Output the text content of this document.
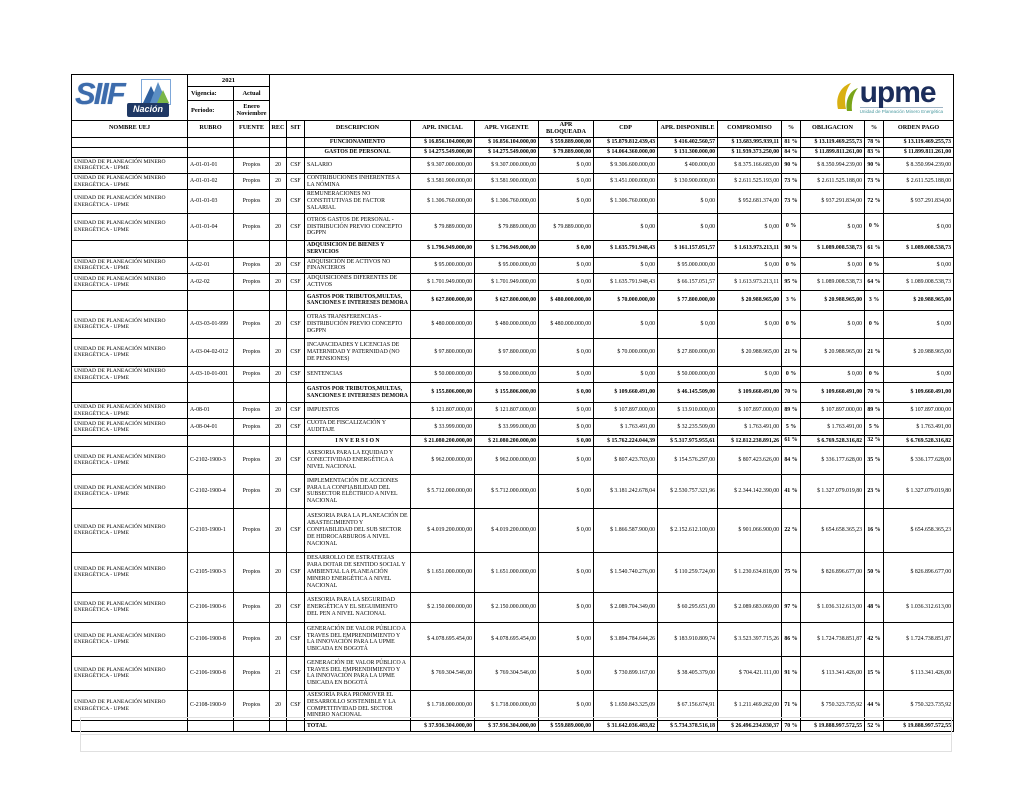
SIIF Nación	2021		upme
Unidad de Planeación Minero Energética												

	Vigencia:	Actual													
	Periodo:	Enero Noviembre													
NOMBRE UEJ	RUBRO	FUENTE	REC	SIT	DESCRIPCION	APR. INICIAL	APR. VIGENTE	APR BLOQUEADA	CDP	APR. DISPONIBLE	COMPROMISO	%	OBLIGACION	%	ORDEN PAGO
					FUNCIONAMIENTO	$ 16.856.104.000,00	$ 16.856.104.000,00	$ 559.889.000,00	$ 15.879.812.439,43	$ 416.402.560,57	$ 13.683.995.939,11	81 %	$ 13.119.469.255,73	78 %	$ 13.119.469.255,73
					GASTOS DE PERSONAL	$ 14.275.549.000,00	$ 14.275.549.000,00	$ 79.889.000,00	$ 14.064.360.000,00	$ 131.300.000,00	$ 11.939.373.250,00	84 %	$ 11.899.811.261,00	83 %	$ 11.899.811.261,00
UNIDAD DE PLANEACIÓN MINERO ENERGÉTICA - UPME	A-01-01-01	Propios	20	CSF	SALARIO	$ 9.307.000.000,00	$ 9.307.000.000,00	$ 0,00	$ 9.306.600.000,00	$ 400.000,00	$ 8.375.166.683,00	90 %	$ 8.350.994.239,00	90 %	$ 8.350.994.239,00
UNIDAD DE PLANEACIÓN MINERO ENERGÉTICA - UPME	A-01-01-02	Propios	20	CSF	CONTRIBUCIONES INHERENTES A LA NÓMINA	$ 3.581.900.000,00	$ 3.581.900.000,00	$ 0,00	$ 3.451.000.000,00	$ 130.900.000,00	$ 2.611.525.193,00	73 %	$ 2.611.525.188,00	73 %	$ 2.611.525.188,00
UNIDAD DE PLANEACIÓN MINERO ENERGÉTICA - UPME	A-01-01-03	Propios	20	CSF	REMUNERACIONES NO CONSTITUTIVAS DE FACTOR SALARIAL	$ 1.306.760.000,00	$ 1.306.760.000,00	$ 0,00	$ 1.306.760.000,00	$ 0,00	$ 952.681.374,00	73 %	$ 937.291.834,00	72 %	$ 937.291.834,00
UNIDAD DE PLANEACIÓN MINERO ENERGÉTICA - UPME	A-01-01-04	Propios	20	CSF	OTROS GASTOS DE PERSONAL - DISTRIBUCIÓN PREVIO CONCEPTO DGPPN	$ 79.889.000,00	$ 79.889.000,00	$ 79.889.000,00	$ 0,00	$ 0,00	$ 0,00	0 %	$ 0,00	0 %	$ 0,00
					ADQUISICION DE BIENES Y SERVICIOS	$ 1.796.949.000,00	$ 1.796.949.000,00	$ 0,00	$ 1.635.791.948,43	$ 161.157.051,57	$ 1.613.973.213,11	90 %	$ 1.089.008.538,73	61 %	$ 1.089.008.538,73
UNIDAD DE PLANEACIÓN MINERO ENERGÉTICA - UPME	A-02-01	Propios	20	CSF	ADQUISICIÓN DE ACTIVOS NO FINANCIEROS	$ 95.000.000,00	$ 95.000.000,00	$ 0,00	$ 0,00	$ 95.000.000,00	$ 0,00	0 %	$ 0,00	0 %	$ 0,00
UNIDAD DE PLANEACIÓN MINERO ENERGÉTICA - UPME	A-02-02	Propios	20	CSF	ADQUISICIONES DIFERENTES DE ACTIVOS	$ 1.701.949.000,00	$ 1.701.949.000,00	$ 0,00	$ 1.635.791.948,43	$ 66.157.051,57	$ 1.613.973.213,11	95 %	$ 1.089.008.538,73	64 %	$ 1.089.008.538,73
					GASTOS POR TRIBUTOS,MULTAS, SANCIONES E INTERESES DEMORA	$ 627.800.000,00	$ 627.800.000,00	$ 480.000.000,00	$ 70.000.000,00	$ 77.800.000,00	$ 20.988.965,00	3 %	$ 20.988.965,00	3 %	$ 20.988.965,00
UNIDAD DE PLANEACIÓN MINERO ENERGÉTICA - UPME	A-03-03-01-999	Propios	20	CSF	OTRAS TRANSFERENCIAS - DISTRIBUCIÓN PREVIO CONCEPTO DGPPN	$ 480.000.000,00	$ 480.000.000,00	$ 480.000.000,00	$ 0,00	$ 0,00	$ 0,00	0 %	$ 0,00	0 %	$ 0,00
UNIDAD DE PLANEACIÓN MINERO ENERGÉTICA - UPME	A-03-04-02-012	Propios	20	CSF	INCAPACIDADES Y LICENCIAS DE MATERNIDAD Y PATERNIDAD (NO DE PENSIONES)	$ 97.800.000,00	$ 97.800.000,00	$ 0,00	$ 70.000.000,00	$ 27.800.000,00	$ 20.988.965,00	21 %	$ 20.988.965,00	21 %	$ 20.988.965,00
UNIDAD DE PLANEACIÓN MINERO ENERGÉTICA - UPME	A-03-10-01-001	Propios	20	CSF	SENTENCIAS	$ 50.000.000,00	$ 50.000.000,00	$ 0,00	$ 0,00	$ 50.000.000,00	$ 0,00	0 %	$ 0,00	0 %	$ 0,00
					GASTOS POR TRIBUTOS,MULTAS, SANCIONES E INTERESES DEMORA	$ 155.806.000,00	$ 155.806.000,00	$ 0,00	$ 109.660.491,00	$ 46.145.509,00	$ 109.660.491,00	70 %	$ 109.660.491,00	70 %	$ 109.660.491,00
UNIDAD DE PLANEACIÓN MINERO ENERGÉTICA - UPME	A-08-01	Propios	20	CSF	IMPUESTOS	$ 121.807.000,00	$ 121.807.000,00	$ 0,00	$ 107.897.000,00	$ 13.910.000,00	$ 107.897.000,00	89 %	$ 107.897.000,00	89 %	$ 107.897.000,00
UNIDAD DE PLANEACIÓN MINERO ENERGÉTICA - UPME	A-08-04-01	Propios	20	CSF	CUOTA DE FISCALIZACIÓN Y AUDITAJE	$ 33.999.000,00	$ 33.999.000,00	$ 0,00	$ 1.763.491,00	$ 32.235.509,00	$ 1.763.491,00	5 %	$ 1.763.491,00	5 %	$ 1.763.491,00
					I N V E R S I O N	$ 21.080.200.000,00	$ 21.080.200.000,00	$ 0,00	$ 15.762.224.044,39	$ 5.317.975.955,61	$ 12.812.238.891,26	61 %	$ 6.769.528.316,82	32 %	$ 6.769.528.316,82
UNIDAD DE PLANEACIÓN MINERO ENERGÉTICA - UPME	C-2102-1900-3	Propios	20	CSF	ASESORIA PARA LA EQUIDAD Y CONECTIVIDAD ENERGÉTICA A NIVEL NACIONAL	$ 962.000.000,00	$ 962.000.000,00	$ 0,00	$ 807.423.703,00	$ 154.576.297,00	$ 807.423.626,00	84 %	$ 336.177.628,00	35 %	$ 336.177.628,00
UNIDAD DE PLANEACIÓN MINERO ENERGÉTICA - UPME	C-2102-1900-4	Propios	20	CSF	IMPLEMENTACIÓN DE ACCIONES PARA LA CONFIABILIDAD DEL SUBSECTOR ELÉCTRICO A NIVEL NACIONAL	$ 5.712.000.000,00	$ 5.712.000.000,00	$ 0,00	$ 3.181.242.678,04	$ 2.530.757.321,96	$ 2.344.142.390,00	41 %	$ 1.327.079.019,80	23 %	$ 1.327.079.019,80
UNIDAD DE PLANEACIÓN MINERO ENERGÉTICA - UPME	C-2103-1900-1	Propios	20	CSF	ASESORIA PARA LA PLANEACIÓN DE ABASTECIMIENTO Y CONFIABILIDAD DEL SUB SECTOR DE HIDROCARBUROS A NIVEL NACIONAL	$ 4.019.200.000,00	$ 4.019.200.000,00	$ 0,00	$ 1.866.587.900,00	$ 2.152.612.100,00	$ 901.066.900,00	22 %	$ 654.658.365,23	16 %	$ 654.658.365,23
UNIDAD DE PLANEACIÓN MINERO ENERGÉTICA - UPME	C-2105-1900-3	Propios	20	CSF	DESARROLLO DE ESTRATEGIAS PARA DOTAR DE SENTIDO SOCIAL Y AMBIENTAL LA PLANEACIÓN MINERO ENERGÉTICA A NIVEL NACIONAL	$ 1.651.000.000,00	$ 1.651.000.000,00	$ 0,00	$ 1.540.740.276,00	$ 110.259.724,00	$ 1.230.634.818,00	75 %	$ 826.896.677,00	50 %	$ 826.896.677,00
UNIDAD DE PLANEACIÓN MINERO ENERGÉTICA - UPME	C-2106-1900-6	Propios	20	CSF	ASESORIA PARA LA SEGURIDAD ENERGÉTICA Y EL SEGUIMIENTO DEL PEN A NIVEL NACIONAL	$ 2.150.000.000,00	$ 2.150.000.000,00	$ 0,00	$ 2.089.704.349,00	$ 60.295.651,00	$ 2.089.683.069,00	97 %	$ 1.036.312.613,00	48 %	$ 1.036.312.613,00
UNIDAD DE PLANEACIÓN MINERO ENERGÉTICA - UPME	C-2106-1900-8	Propios	20	CSF	GENERACIÓN DE VALOR PÚBLICO A TRAVES DEL EMPRENDIMIENTO Y LA INNOVACIÓN PARA LA UPME UBICADA EN BOGOTÁ	$ 4.078.695.454,00	$ 4.078.695.454,00	$ 0,00	$ 3.894.784.644,26	$ 183.910.809,74	$ 3.523.397.715,26	86 %	$ 1.724.738.851,87	42 %	$ 1.724.738.851,87
UNIDAD DE PLANEACIÓN MINERO ENERGÉTICA - UPME	C-2106-1900-8	Propios	21	CSF	GENERACIÓN DE VALOR PÚBLICO A TRAVES DEL EMPRENDIMIENTO Y LA INNOVACIÓN PARA LA UPME UBICADA EN BOGOTÁ	$ 769.304.546,00	$ 769.304.546,00	$ 0,00	$ 730.899.167,00	$ 38.405.379,00	$ 704.421.111,00	91 %	$ 113.341.426,00	15 %	$ 113.341.426,00
UNIDAD DE PLANEACIÓN MINERO ENERGÉTICA - UPME	C-2108-1900-9	Propios	20	CSF	ASESORÍA PARA PROMOVER EL DESARROLLO SOSTENIBLE Y LA COMPETITIVIDAD DEL SECTOR MINERO NACIONAL	$ 1.718.000.000,00	$ 1.718.000.000,00	$ 0,00	$ 1.650.843.325,09	$ 67.156.674,91	$ 1.211.469.262,00	71 %	$ 750.323.735,92	44 %	$ 750.323.735,92
					TOTAL	$ 37.936.304.000,00	$ 37.936.304.000,00	$ 559.889.000,00	$ 31.642.036.483,82	$ 5.734.378.516,18	$ 26.496.234.830,37	70 %	$ 19.888.997.572,55	52 %	$ 19.888.997.572,55
